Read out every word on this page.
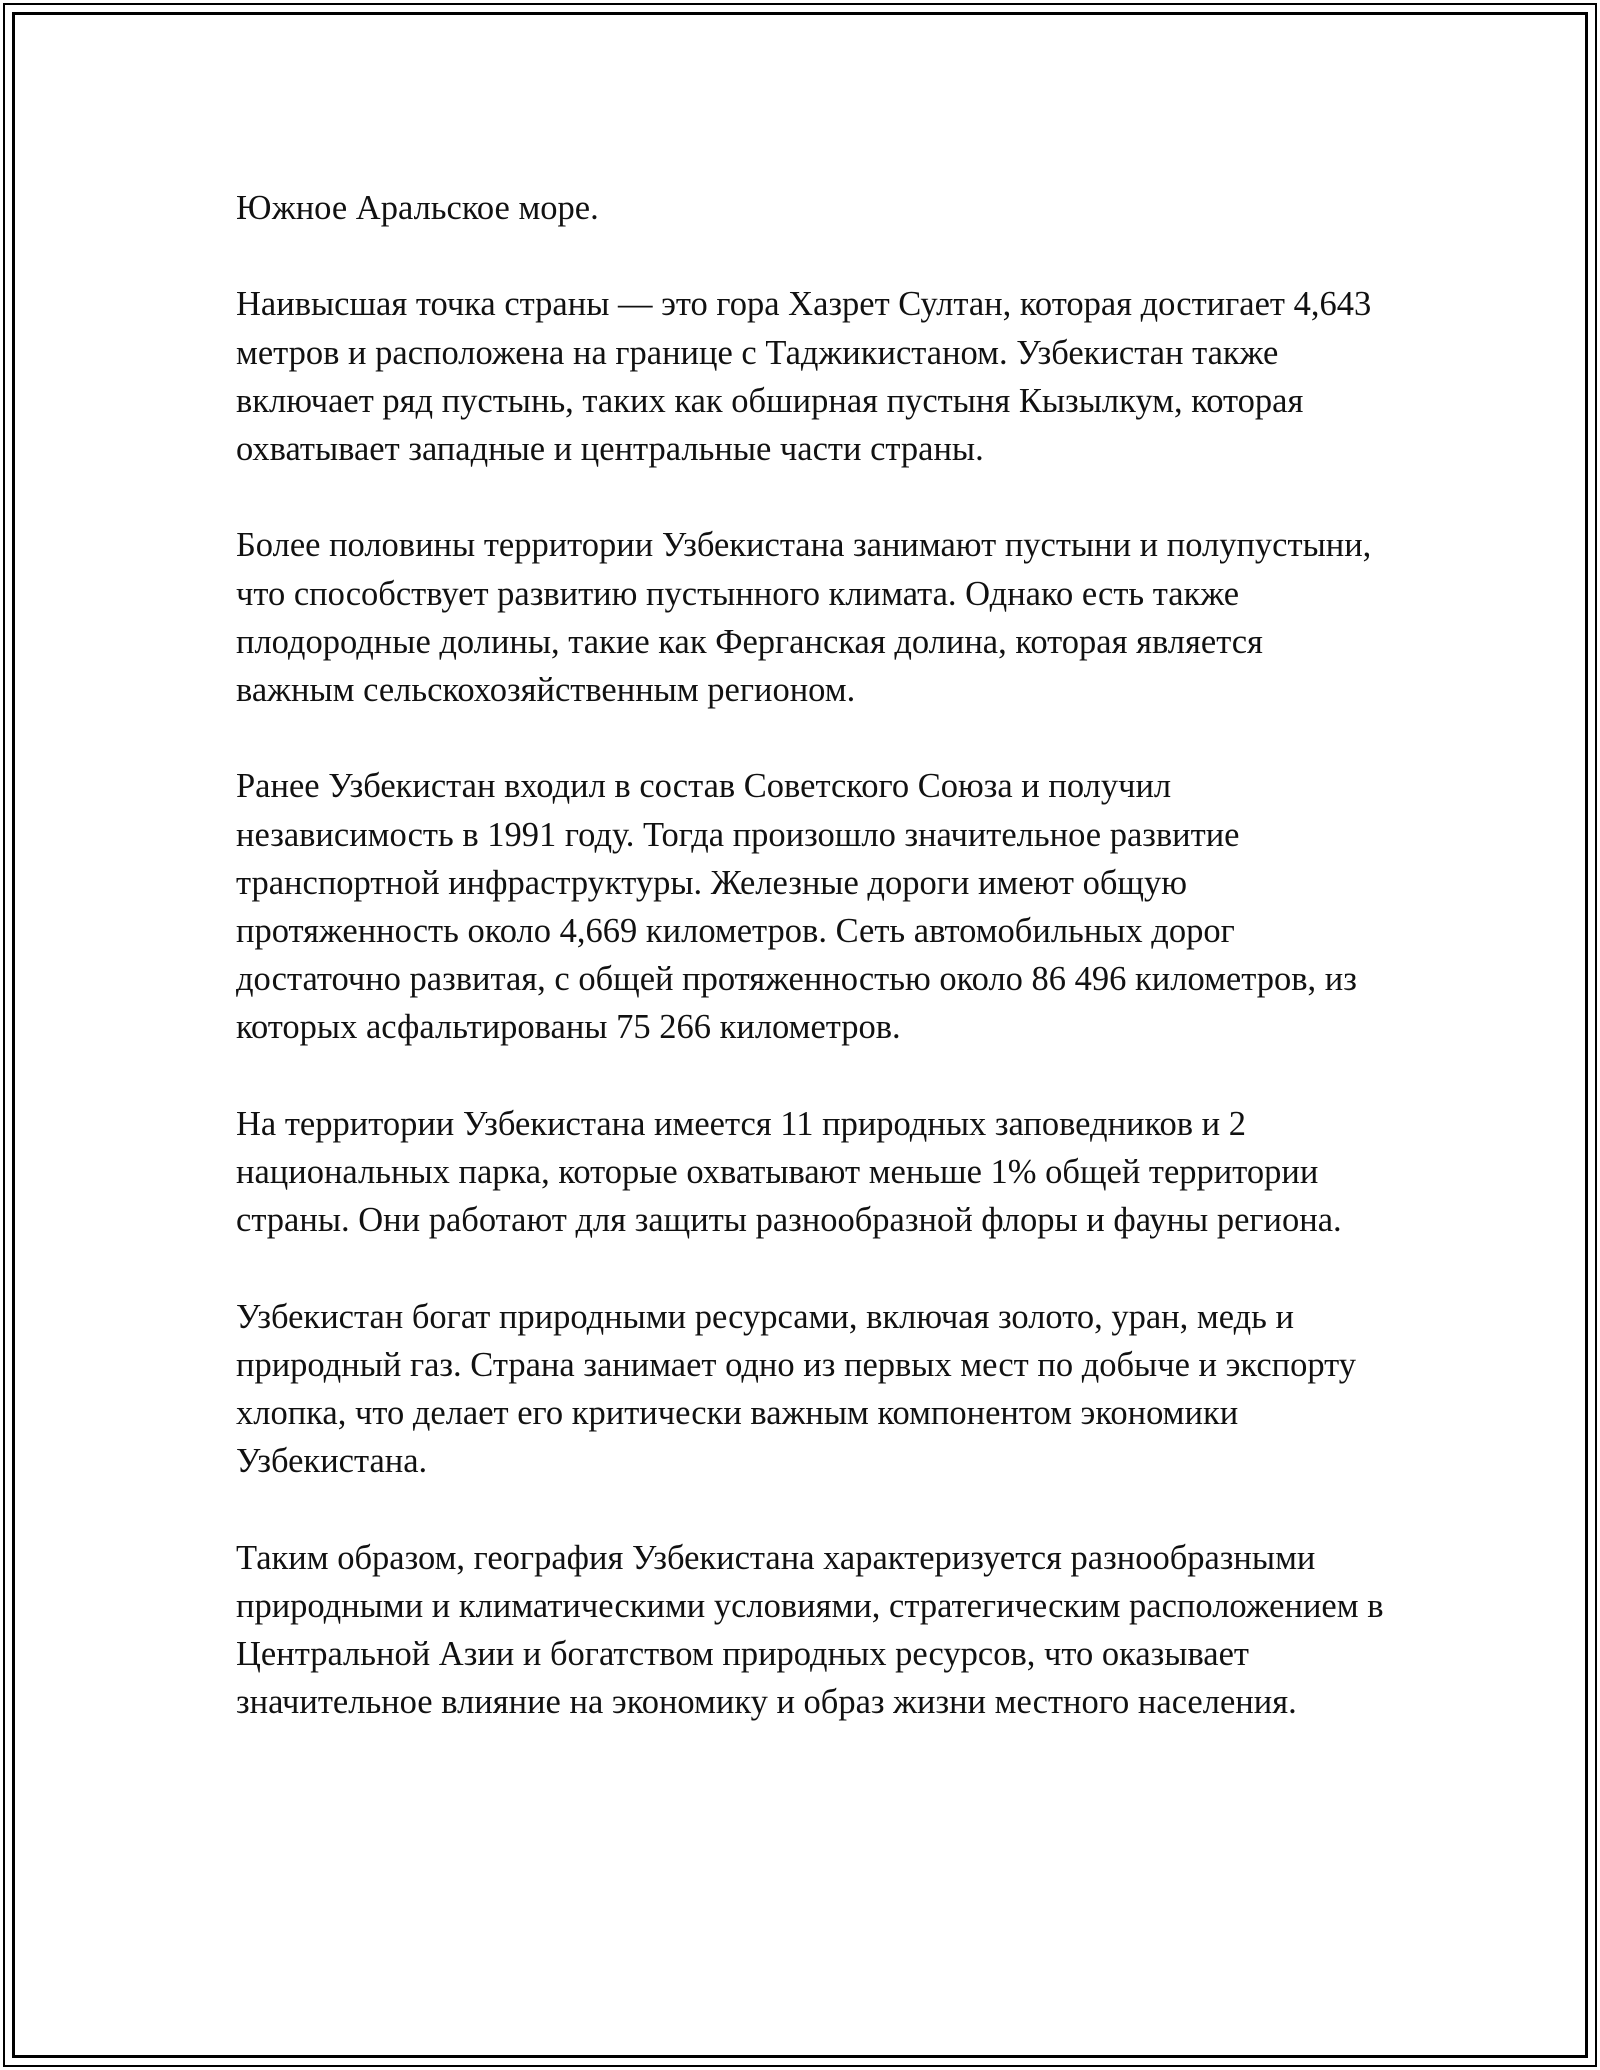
Южное Аральское море.

Наивысшая точка страны — это гора Хазрет Султан, которая достигает 4,643 метров и расположена на границе с Таджикистаном. Узбекистан также включает ряд пустынь, таких как обширная пустыня Кызылкум, которая охватывает западные и центральные части страны.

Более половины территории Узбекистана занимают пустыни и полупустыни, что способствует развитию пустынного климата. Однако есть также плодородные долины, такие как Ферганская долина, которая является важным сельскохозяйственным регионом.

Ранее Узбекистан входил в состав Советского Союза и получил независимость в 1991 году. Тогда произошло значительное развитие транспортной инфраструктуры. Железные дороги имеют общую протяженность около 4,669 километров. Сеть автомобильных дорог достаточно развитая, с общей протяженностью около 86 496 километров, из которых асфальтированы 75 266 километров.

На территории Узбекистана имеется 11 природных заповедников и 2 национальных парка, которые охватывают меньше 1% общей территории страны. Они работают для защиты разнообразной флоры и фауны региона.

Узбекистан богат природными ресурсами, включая золото, уран, медь и природный газ. Страна занимает одно из первых мест по добыче и экспорту хлопка, что делает его критически важным компонентом экономики Узбекистана.

Таким образом, география Узбекистана характеризуется разнообразными природными и климатическими условиями, стратегическим расположением в Центральной Азии и богатством природных ресурсов, что оказывает значительное влияние на экономику и образ жизни местного населения.
